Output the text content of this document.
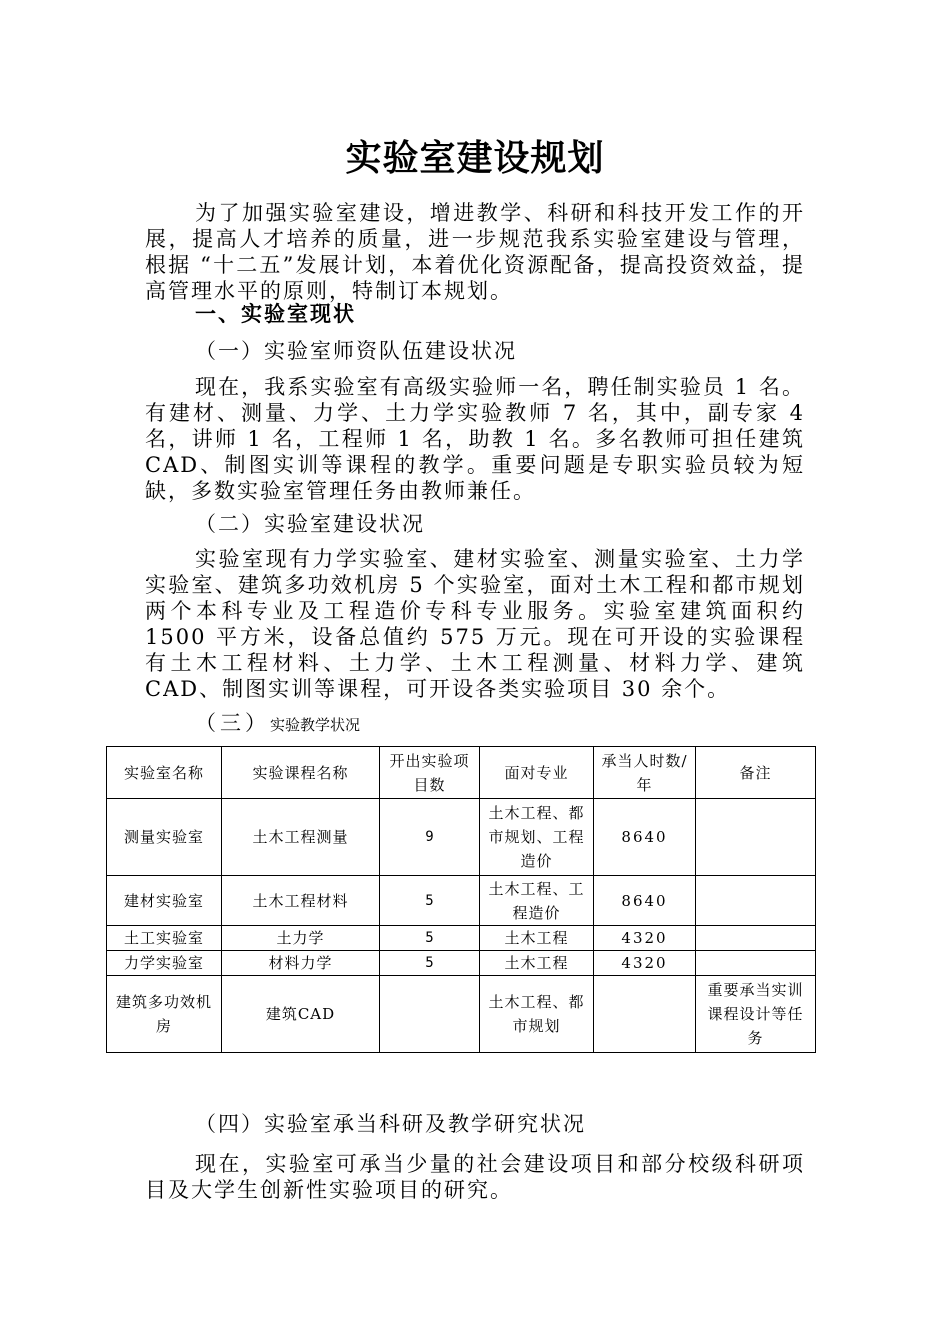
实验室建设规划
为了加强实验室建设，增进教学、科研和科技开发工作的开展，提高人才培养的质量，进一步规范我系实验室建设与管理，根据 “十二五”发展计划，本着优化资源配备，提高投资效益，提高管理水平的原则，特制订本规划。
一、实验室现状
（一）实验室师资队伍建设状况
现在，我系实验室有高级实验师一名，聘任制实验员 1 名。有建材、测量、力学、土力学实验教师 7 名，其中，副专家 4 名，讲师 1 名，工程师 1 名，助教 1 名。多名教师可担任建筑CAD、制图实训等课程的教学。重要问题是专职实验员较为短缺，多数实验室管理任务由教师兼任。
（二）实验室建设状况
实验室现有力学实验室、建材实验室、测量实验室、土力学实验室、建筑多功效机房 5 个实验室，面对土木工程和都市规划两个本科专业及工程造价专科专业服务。实验室建筑面积约 1500 平方米，设备总值约 575 万元。现在可开设的实验课程有土木工程材料、土力学、土木工程测量、材料力学、建筑CAD、制图实训等课程，可开设各类实验项目 30 余个。
（三）实验教学状况
实验室名称	实验课程名称	开出实验项目数	面对专业	承当人时数/年	备注
测量实验室	土木工程测量	9	土木工程、都市规划、工程造价	8640	
建材实验室	土木工程材料	5	土木工程、工程造价	8640	
土工实验室	土力学	5	土木工程	4320	
力学实验室	材料力学	5	土木工程	4320	
建筑多功效机房	建筑CAD		土木工程、都市规划		重要承当实训课程设计等任务
（四）实验室承当科研及教学研究状况
现在，实验室可承当少量的社会建设项目和部分校级科研项目及大学生创新性实验项目的研究。
